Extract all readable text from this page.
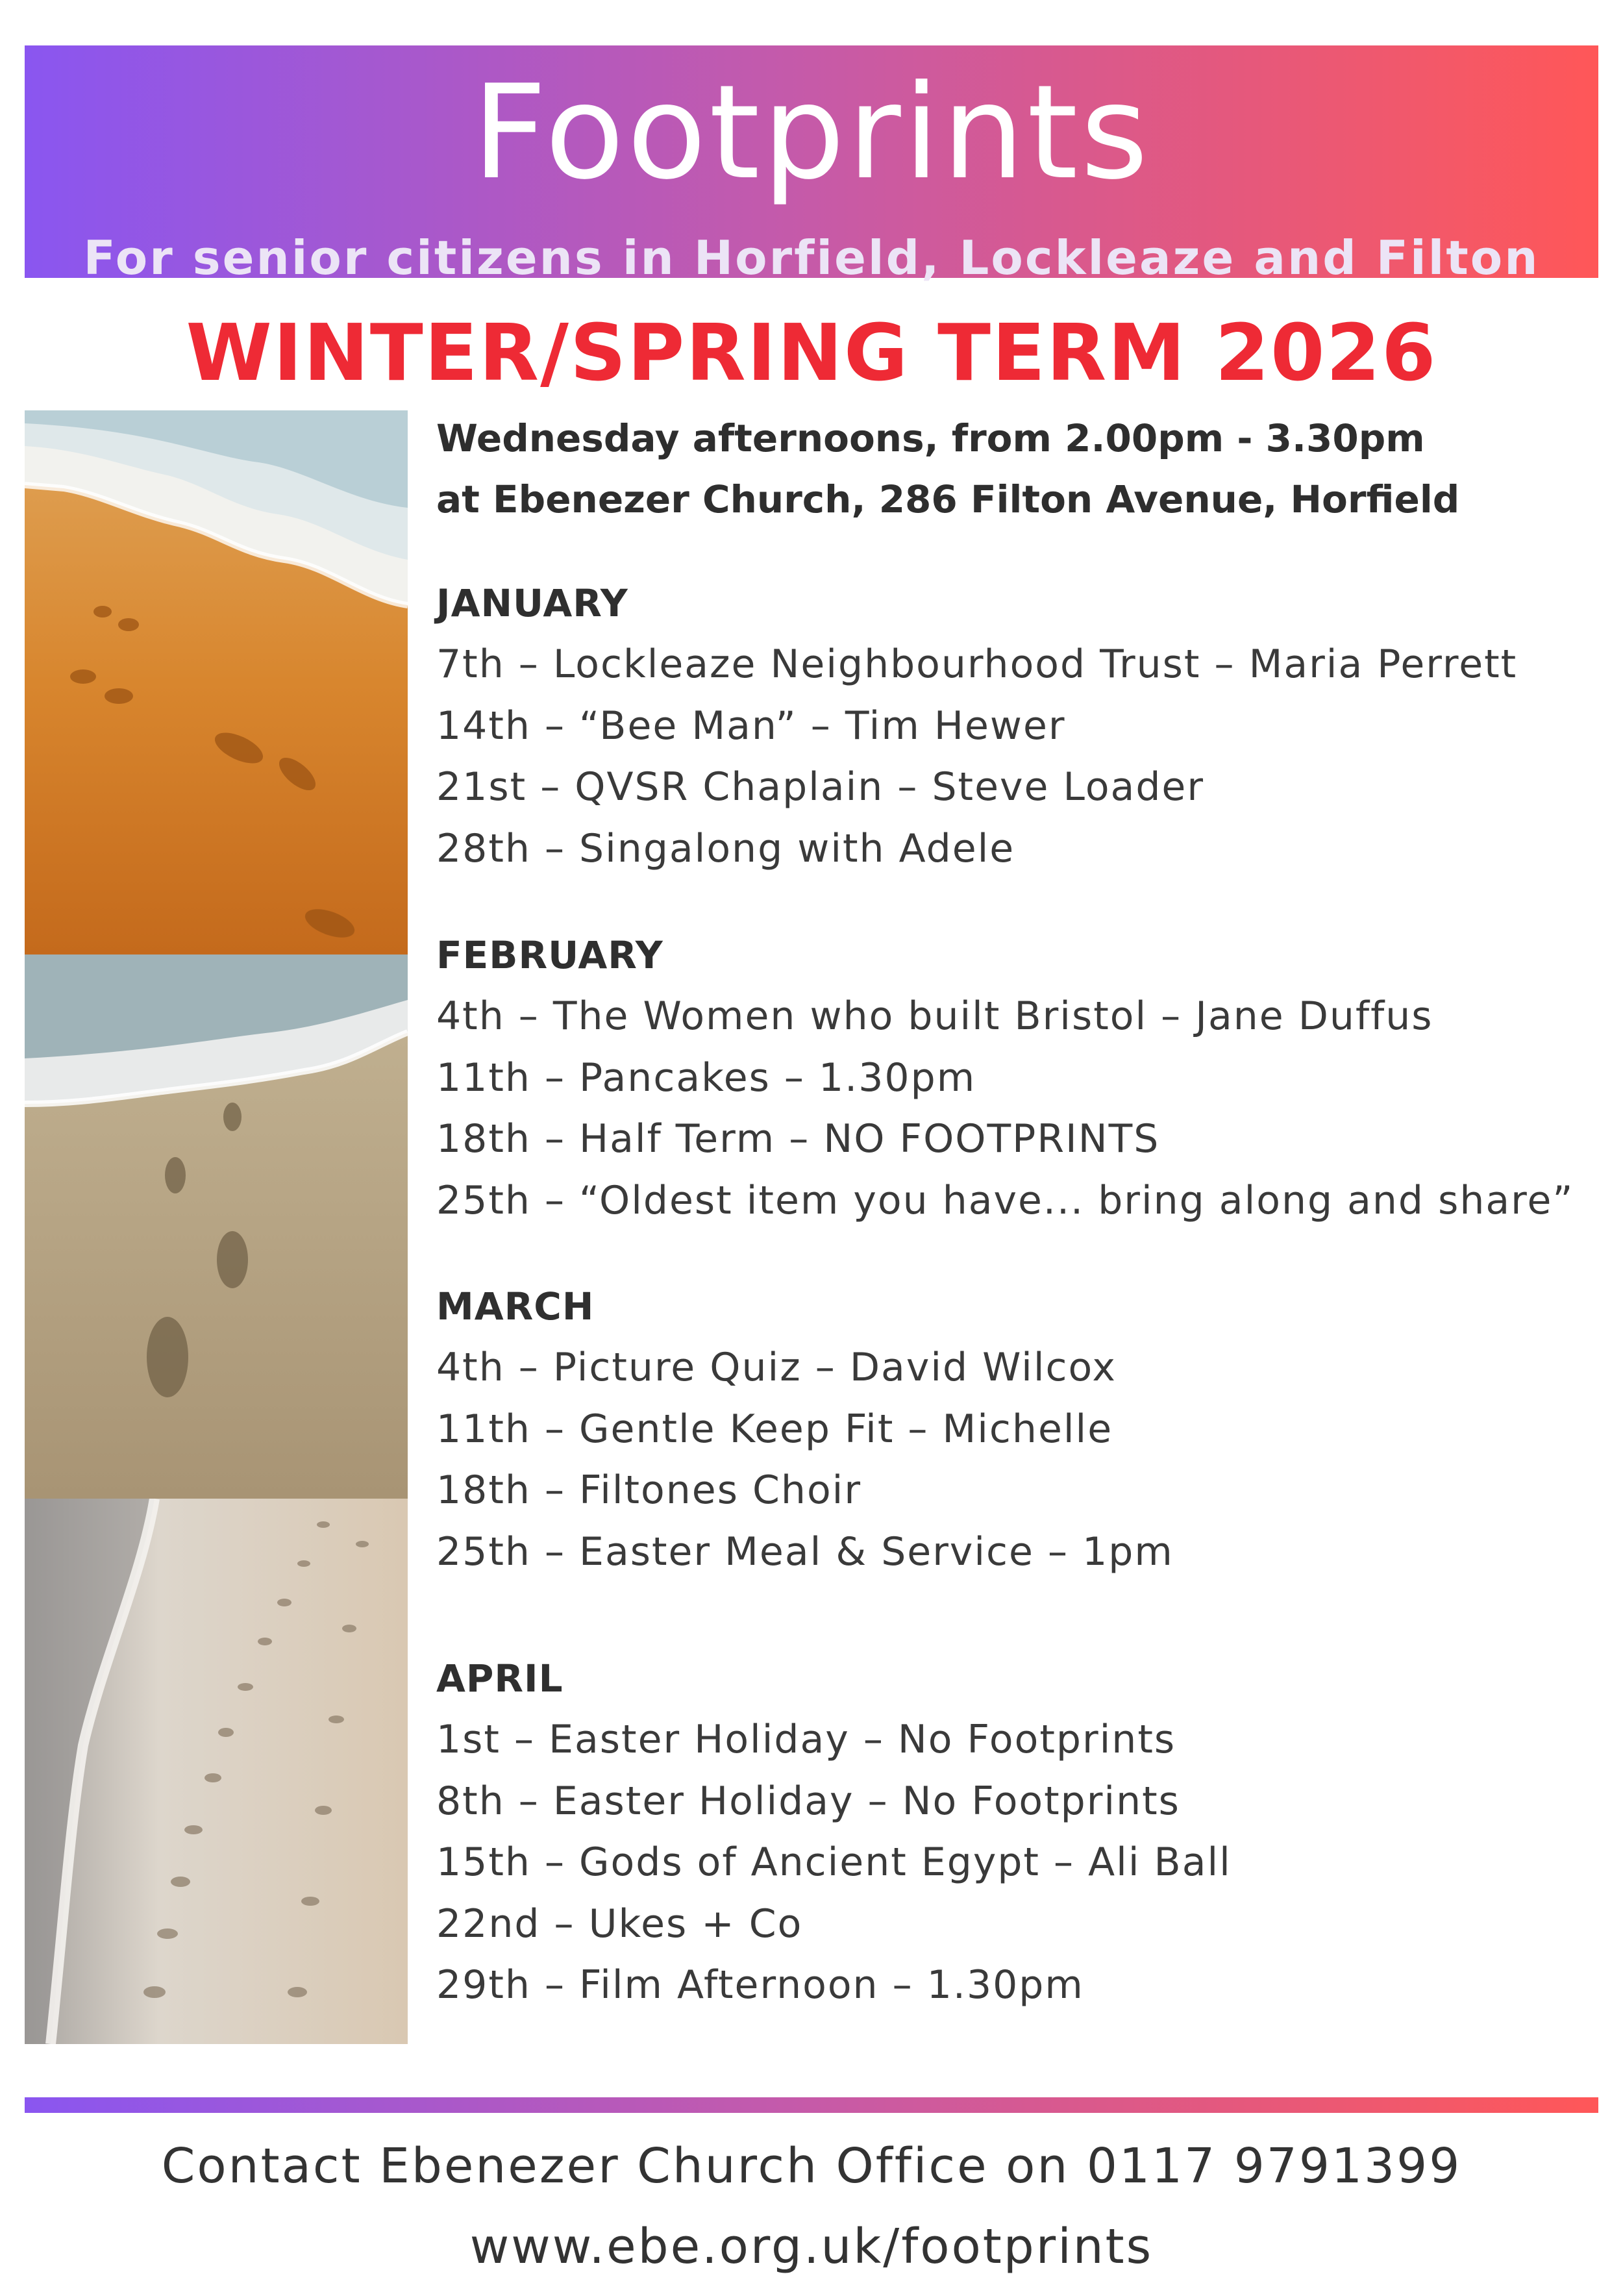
Footprints
For senior citizens in Horfield, Lockleaze and Filton
WINTER/SPRING TERM 2026
Wednesday afternoons, from 2.00pm - 3.30pm
at Ebenezer Church, 286 Filton Avenue, Horfield
JANUARY
7th – Lockleaze Neighbourhood Trust – Maria Perrett
14th – “Bee Man” – Tim Hewer
21st – QVSR Chaplain – Steve Loader
28th – Singalong with Adele
FEBRUARY
4th – The Women who built Bristol – Jane Duffus
11th – Pancakes – 1.30pm
18th – Half Term – NO FOOTPRINTS
25th – “Oldest item you have... bring along and share”
MARCH
4th – Picture Quiz – David Wilcox
11th – Gentle Keep Fit – Michelle
18th – Filtones Choir
25th – Easter Meal & Service – 1pm
APRIL
1st – Easter Holiday – No Footprints
8th – Easter Holiday – No Footprints
15th – Gods of Ancient Egypt – Ali Ball
22nd – Ukes + Co
29th – Film Afternoon – 1.30pm
Contact Ebenezer Church Office on 0117 9791399
www.ebe.org.uk/footprints
